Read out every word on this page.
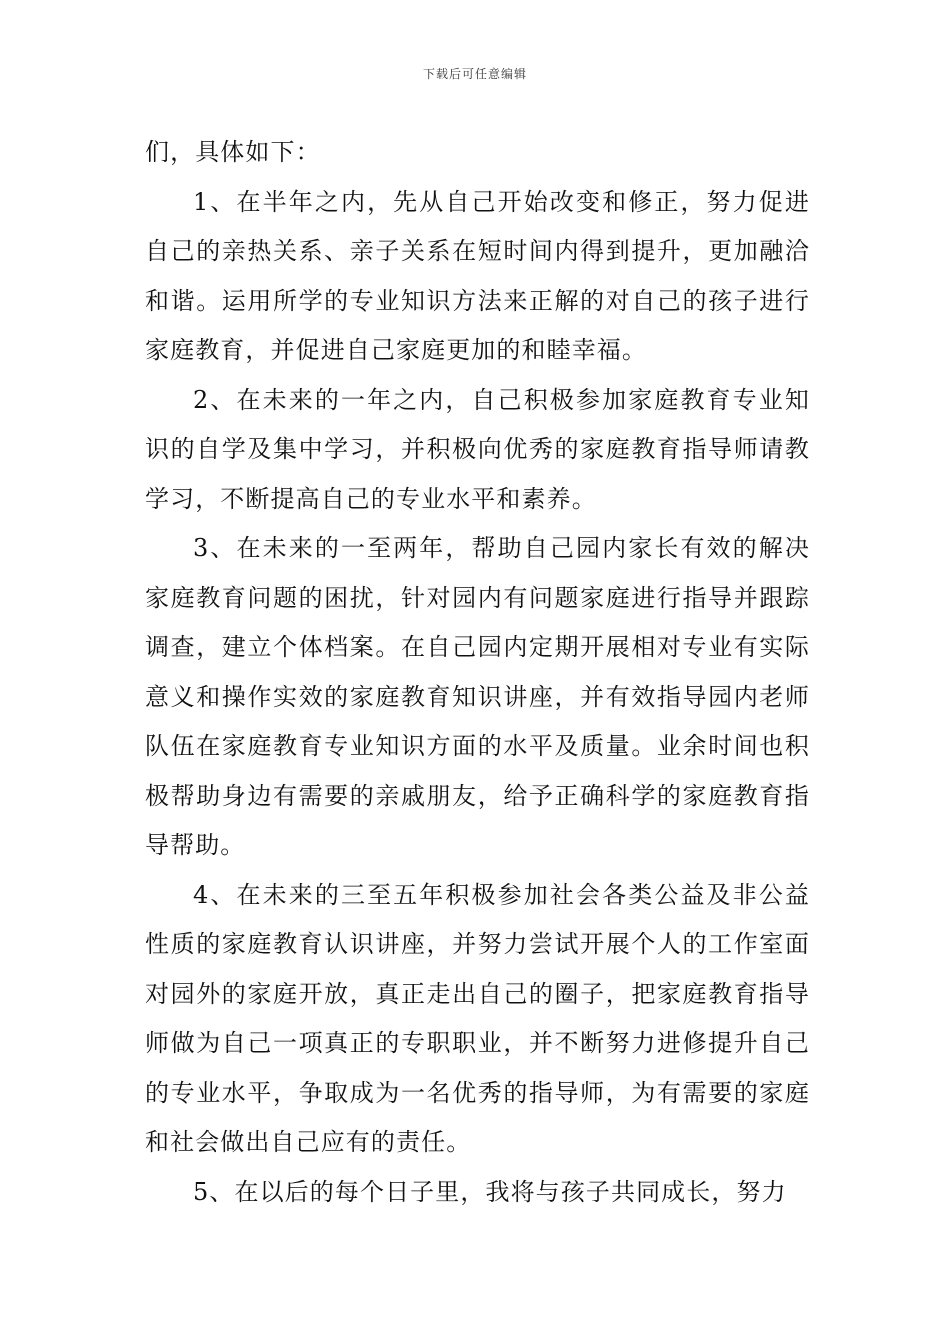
下载后可任意编辑

们，具体如下：

1、在半年之内，先从自己开始改变和修正，努力促进自己的亲热关系、亲子关系在短时间内得到提升，更加融洽和谐。运用所学的专业知识方法来正解的对自己的孩子进行家庭教育，并促进自己家庭更加的和睦幸福。

2、在未来的一年之内，自己积极参加家庭教育专业知识的自学及集中学习，并积极向优秀的家庭教育指导师请教学习，不断提高自己的专业水平和素养。

3、在未来的一至两年，帮助自己园内家长有效的解决家庭教育问题的困扰，针对园内有问题家庭进行指导并跟踪调查，建立个体档案。在自己园内定期开展相对专业有实际意义和操作实效的家庭教育知识讲座，并有效指导园内老师队伍在家庭教育专业知识方面的水平及质量。业余时间也积极帮助身边有需要的亲戚朋友，给予正确科学的家庭教育指导帮助。

4、在未来的三至五年积极参加社会各类公益及非公益性质的家庭教育认识讲座，并努力尝试开展个人的工作室面对园外的家庭开放，真正走出自己的圈子，把家庭教育指导师做为自己一项真正的专职职业，并不断努力进修提升自己的专业水平，争取成为一名优秀的指导师，为有需要的家庭和社会做出自己应有的责任。

5、在以后的每个日子里，我将与孩子共同成长，努力
